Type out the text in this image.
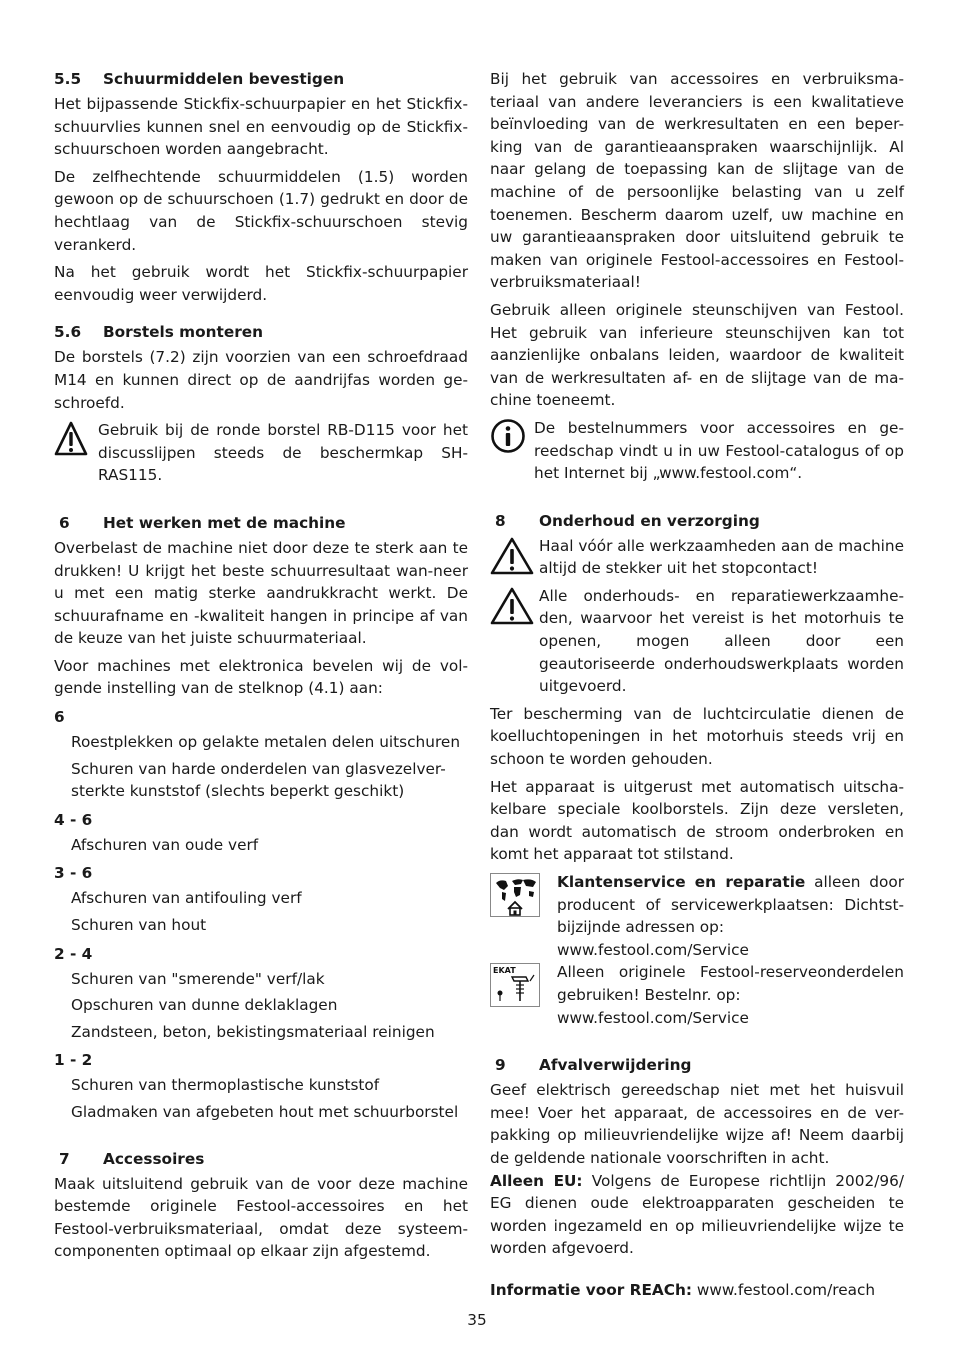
5.5	Schuurmiddelen bevestigen

Het bijpassende Stickfix-schuurpapier en het Stickfix-schuurvlies kunnen snel en eenvoudig op de Stickfix-schuurschoen worden aangebracht.

De zelfhechtende schuurmiddelen (1.5) worden gewoon op de schuurschoen (1.7) gedrukt en door de hechtlaag van de Stickfix-schuurschoen stevig verankerd.

Na het gebruik wordt het Stickfix-schuurpapier eenvoudig weer verwijderd.

5.6	Borstels monteren

De borstels (7.2) zijn voorzien van een schroefdraad M14 en kunnen direct op de aandrijfas worden ge-schroefd.

Gebruik bij de ronde borstel RB-D115 voor het discusslijpen steeds de beschermkap SH-RAS115.

6	Het werken met de machine

Overbelast de machine niet door deze te sterk aan te drukken! U krijgt het beste schuurresultaat wan-neer u met een matig sterke aandrukkracht werkt. De schuurafname en -kwaliteit hangen in principe af van de keuze van het juiste schuurmateriaal.

Voor machines met elektronica bevelen wij de vol-gende instelling van de stelknop (4.1) aan:

6
Roestplekken op gelakte metalen delen uitschuren
Schuren van harde onderdelen van glasvezelver-sterkte kunststof (slechts beperkt geschikt)
4 - 6
Afschuren van oude verf
3 - 6
Afschuren van antifouling verf
Schuren van hout
2 - 4
Schuren van "smerende" verf/lak
Opschuren van dunne deklaklagen
Zandsteen, beton, bekistingsmateriaal reinigen
1 - 2
Schuren van thermoplastische kunststof
Gladmaken van afgebeten hout met schuurborstel
7	Accessoires

Maak uitsluitend gebruik van de voor deze machine bestemde originele Festool-accessoires en het Festool-verbruiksmateriaal, omdat deze systeem-componenten optimaal op elkaar zijn afgestemd.

Bij het gebruik van accessoires en verbruiksma-teriaal van andere leveranciers is een kwalitatieve beïnvloeding van de werkresultaten en een beper-king van de garantieaanspraken waarschijnlijk. Al naar gelang de toepassing kan de slijtage van de machine of de persoonlijke belasting van u zelf toenemen. Bescherm daarom uzelf, uw machine en uw garantieaanspraken door uitsluitend gebruik te maken van originele Festool-accessoires en Festool-verbruiksmateriaal!

Gebruik alleen originele steunschijven van Festool. Het gebruik van inferieure steunschijven kan tot aanzienlijke onbalans leiden, waardoor de kwaliteit van de werkresultaten af- en de slijtage van de ma-chine toeneemt.

De bestelnummers voor accessoires en ge-reedschap vindt u in uw Festool-catalogus of op het Internet bij „www.festool.com“.

8	Onderhoud en verzorging

Haal vóór alle werkzaamheden aan de machine altijd de stekker uit het stopcontact!

Alle onderhouds- en reparatiewerkzaamhe-den, waarvoor het vereist is het motorhuis te openen, mogen alleen door een geautoriseerde onderhoudswerkplaats worden uitgevoerd.

Ter bescherming van de luchtcirculatie dienen de koelluchtopeningen in het motorhuis steeds vrij en schoon te worden gehouden.

Het apparaat is uitgerust met automatisch uitscha-kelbare speciale koolborstels. Zijn deze versleten, dan wordt automatisch de stroom onderbroken en komt het apparaat tot stilstand.

Klantenservice en reparatie alleen door producent of servicewerkplaatsen: Dichtst-bijzijnde adressen op:
www.festool.com/Service

EKAT	Alleen originele Festool-reserveonderdelen gebruiken! Bestelnr. op:
www.festool.com/Service

9	Afvalverwijdering

Geef elektrisch gereedschap niet met het huisvuil mee! Voer het apparaat, de accessoires en de ver-pakking op milieuvriendelijke wijze af! Neem daarbij de geldende nationale voorschriften in acht.

Alleen EU: Volgens de Europese richtlijn 2002/96/ EG dienen oude elektroapparaten gescheiden te worden ingezameld en op milieuvriendelijke wijze te worden afgevoerd.

Informatie voor REACh: www.festool.com/reach

35
